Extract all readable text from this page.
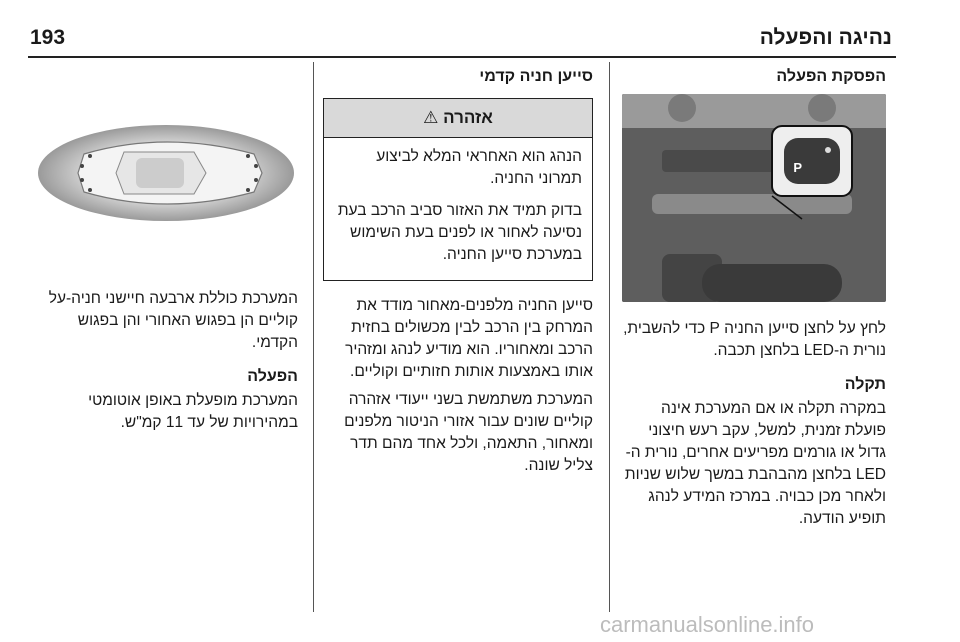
נהיגה והפעלה
193
הפסקת הפעלה
P

לחץ על לחצן סייען החניה P כדי להשבית, נורית ה-LED בלחצן תכבה.

תקלה

במקרה תקלה או אם המערכת אינה פועלת זמנית, למשל, עקב רעש חיצוני גדול או גורמים מפריעים אחרים, נורית ה-LED בלחצן מהבהבת במשך שלוש שניות ולאחר מכן כבויה. במרכז המידע לנהג תופיע הודעה.

סייען חניה קדמי
אזהרה ⚠

הנהג הוא האחראי המלא לביצוע תמרוני החניה.

בדוק תמיד את האזור סביב הרכב בעת נסיעה לאחור או לפנים בעת השימוש במערכת סייען החניה.

סייען החניה מלפנים-מאחור מודד את המרחק בין הרכב לבין מכשולים בחזית הרכב ומאחוריו. הוא מודיע לנהג ומזהיר אותו באמצעות אותות חזותיים וקוליים.

המערכת משתמשת בשני ייעודי אזהרה קוליים שונים עבור אזורי הניטור מלפנים ומאחור, התאמה, ולכל אחד מהם תדר צליל שונה.

המערכת כוללת ארבעה חיישני חניה-על קוליים הן בפגוש האחורי והן בפגוש הקדמי.

הפעלה

המערכת מופעלת באופן אוטומטי במהירויות של עד 11 קמ"ש.

carmanualsonline.info
